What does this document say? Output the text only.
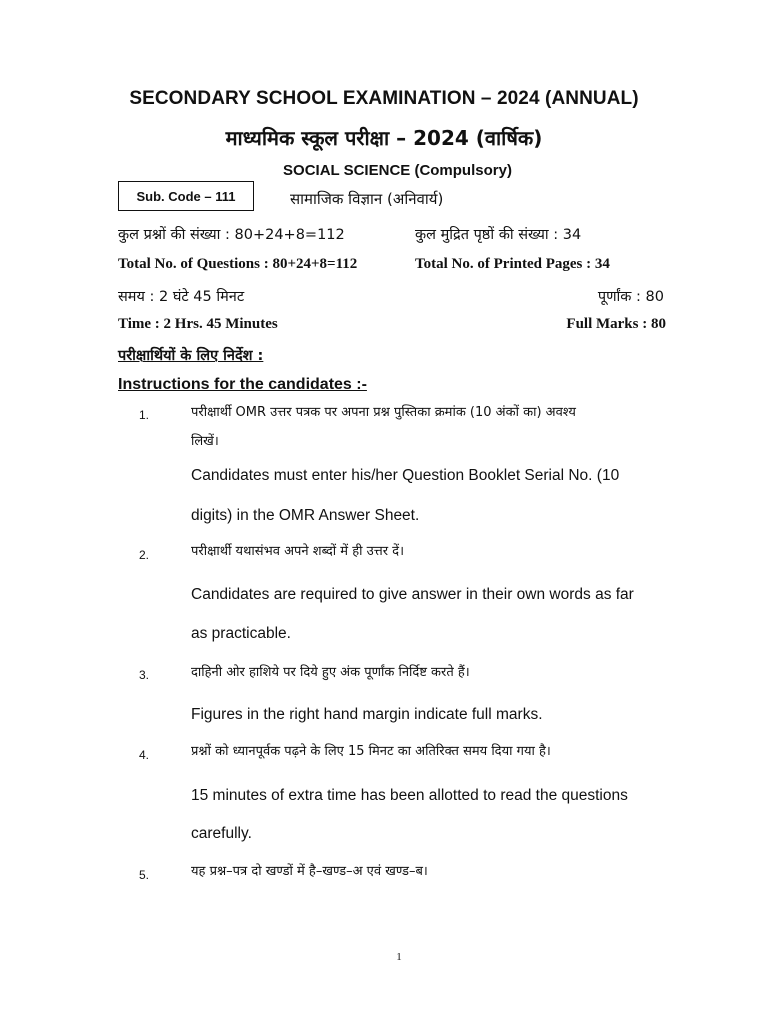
SECONDARY SCHOOL EXAMINATION – 2024 (ANNUAL)
माध्यमिक स्कूल परीक्षा – 2024 (वार्षिक)
SOCIAL SCIENCE (Compulsory)
Sub. Code – 111	सामाजिक विज्ञान (अनिवार्य)
कुल प्रश्नों की संख्या : 80+24+8=112	कुल मुद्रित पृष्ठों की संख्या : 34
Total No. of Questions : 80+24+8=112	Total No. of Printed Pages : 34
समय : 2 घंटे 45 मिनट	पूर्णांक : 80
Time : 2 Hrs. 45 Minutes	Full Marks : 80
परीक्षार्थियों के लिए निर्देश :
Instructions for the candidates :-
1.	परीक्षार्थी OMR उत्तर पत्रक पर अपना प्रश्न पुस्तिका क्रमांक (10 अंकों का) अवश्य
लिखें।
Candidates must enter his/her Question Booklet Serial No. (10
digits) in the OMR Answer Sheet.
2.	परीक्षार्थी यथासंभव अपने शब्दों में ही उत्तर दें।
Candidates are required to give answer in their own words as far
as practicable.
3.	दाहिनी ओर हाशिये पर दिये हुए अंक पूर्णांक निर्दिष्ट करते हैं।
Figures in the right hand margin indicate full marks.
4.	प्रश्नों को ध्यानपूर्वक पढ़ने के लिए 15 मिनट का अतिरिक्त समय दिया गया है।
15 minutes of extra time has been allotted to read the questions
carefully.
5.	यह प्रश्न–पत्र दो खण्डों में है–खण्ड–अ एवं खण्ड–ब।
1
